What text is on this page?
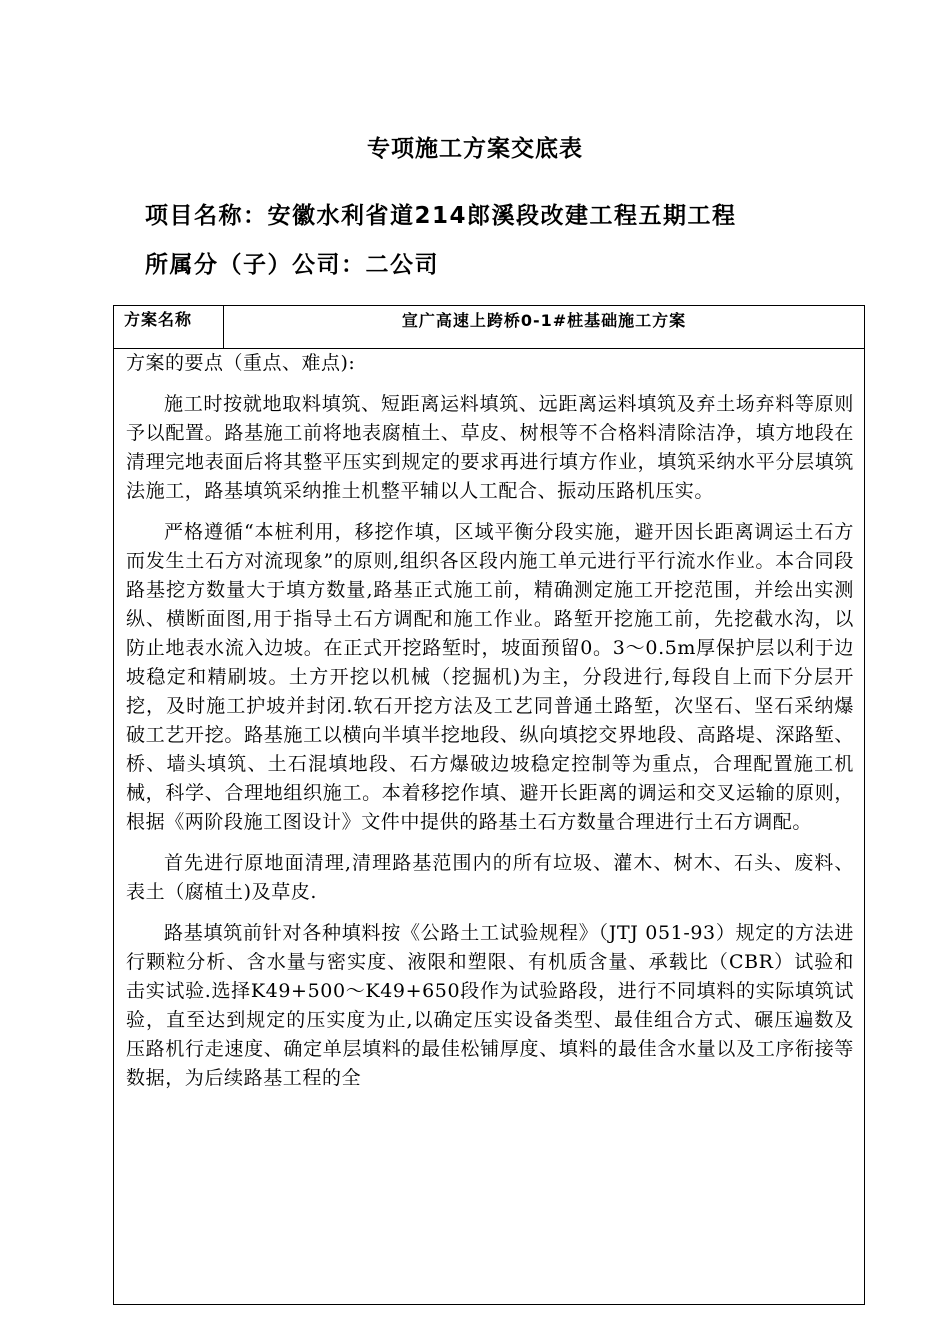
专项施工方案交底表
项目名称：安徽水利省道214郎溪段改建工程五期工程
所属分（子）公司：二公司
方案名称	宣广高速上跨桥0-1#桩基础施工方案

方案的要点（重点、难点):

施工时按就地取料填筑、短距离运料填筑、远距离运料填筑及弃土场弃料等原则予以配置。路基施工前将地表腐植土、草皮、树根等不合格料清除洁净，填方地段在清理完地表面后将其整平压实到规定的要求再进行填方作业，填筑采纳水平分层填筑法施工，路基填筑采纳推土机整平辅以人工配合、振动压路机压实。

严格遵循“本桩利用，移挖作填，区域平衡分段实施，避开因长距离调运土石方而发生土石方对流现象”的原则,组织各区段内施工单元进行平行流水作业。本合同段路基挖方数量大于填方数量,路基正式施工前，精确测定施工开挖范围，并绘出实测纵、横断面图,用于指导土石方调配和施工作业。路堑开挖施工前，先挖截水沟，以防止地表水流入边坡。在正式开挖路堑时，坡面预留0。3～0.5m厚保护层以利于边坡稳定和精刷坡。土方开挖以机械（挖掘机)为主，分段进行,每段自上而下分层开挖，及时施工护坡并封闭.软石开挖方法及工艺同普通土路堑，次坚石、坚石采纳爆破工艺开挖。路基施工以横向半填半挖地段、纵向填挖交界地段、高路堤、深路堑、桥、墙头填筑、土石混填地段、石方爆破边坡稳定控制等为重点，合理配置施工机械，科学、合理地组织施工。本着移挖作填、避开长距离的调运和交叉运输的原则，根据《两阶段施工图设计》文件中提供的路基土石方数量合理进行土石方调配。

首先进行原地面清理,清理路基范围内的所有垃圾、灌木、树木、石头、废料、表土（腐植土)及草皮.

路基填筑前针对各种填料按《公路土工试验规程》（JTJ 051-93）规定的方法进行颗粒分析、含水量与密实度、液限和塑限、有机质含量、承载比（CBR）试验和击实试验.选择K49+500～K49+650段作为试验路段，进行不同填料的实际填筑试验，直至达到规定的压实度为止,以确定压实设备类型、最佳组合方式、碾压遍数及压路机行走速度、确定单层填料的最佳松铺厚度、填料的最佳含水量以及工序衔接等数据，为后续路基工程的全
